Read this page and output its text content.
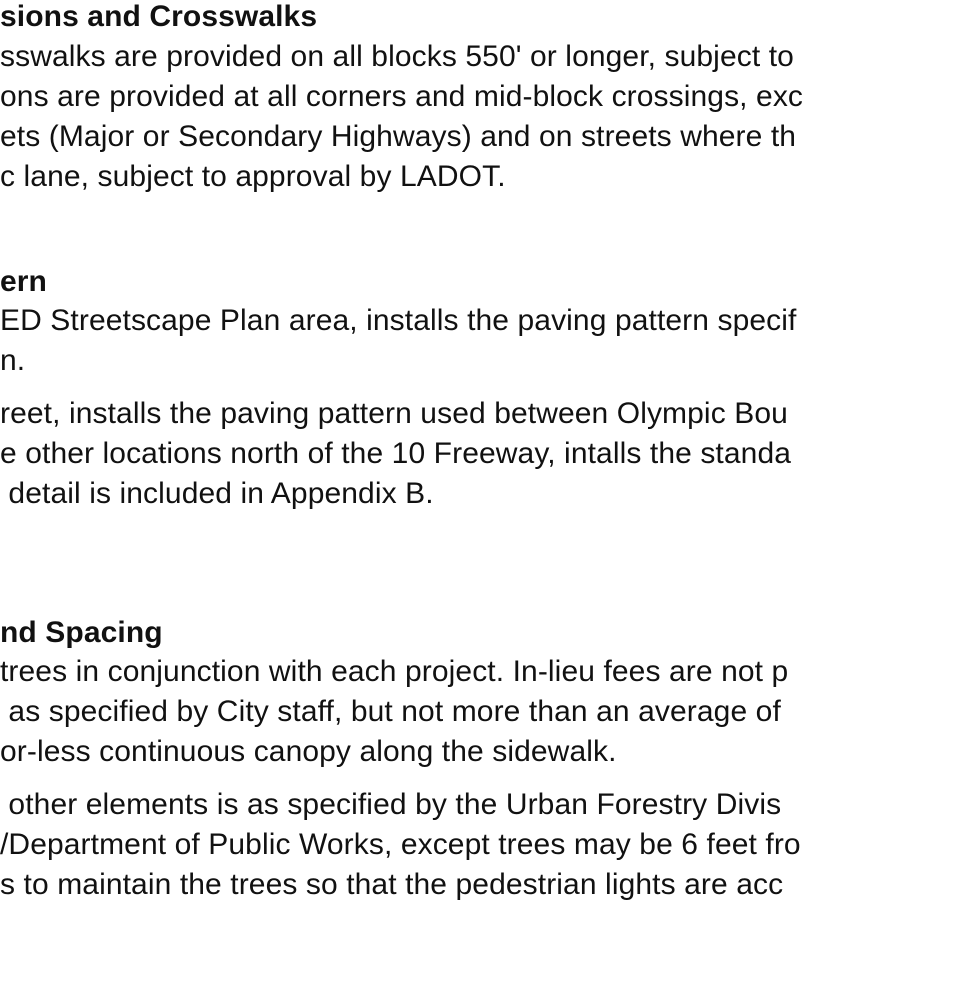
sions and Crosswalks
sswalks are provided on all blocks 550' or longer, subject to
ons are provided at all corners and mid-block crossings, exc
ets (Major or Secondary Highways) and on streets where th
c lane, subject to approval by LADOT.
ern
ED Streetscape Plan area, installs the paving pattern specif
n.
reet, installs the paving pattern used between Olympic Bou
e other locations north of the 10 Freeway, intalls the standa
detail is included in Appendix B.
nd Spacing
trees in conjunction with each project. In-lieu fees are not p
as specified by City staff, but not more than an average of
or-less continuous canopy along the sidewalk.
other elements is as specified by the Urban Forestry Divis
/Department of Public Works, except trees may be 6 feet fro
s to maintain the trees so that the pedestrian lights are acc
